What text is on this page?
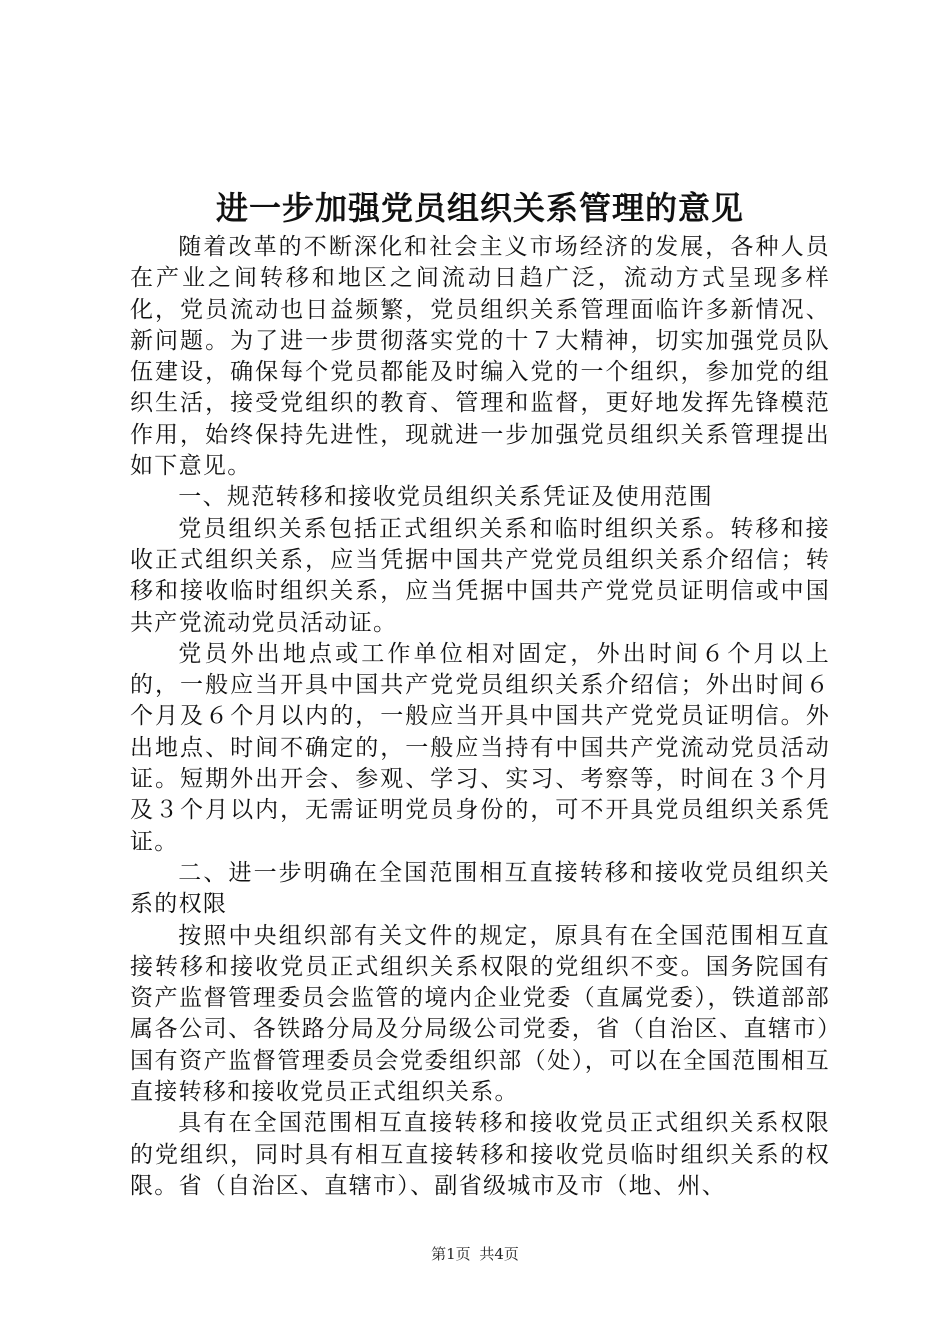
进一步加强党员组织关系管理的意见

随着改革的不断深化和社会主义市场经济的发展，各种人员在产业之间转移和地区之间流动日趋广泛，流动方式呈现多样化，党员流动也日益频繁，党员组织关系管理面临许多新情况、新问题。为了进一步贯彻落实党的十７大精神，切实加强党员队伍建设，确保每个党员都能及时编入党的一个组织，参加党的组织生活，接受党组织的教育、管理和监督，更好地发挥先锋模范作用，始终保持先进性，现就进一步加强党员组织关系管理提出如下意见。

一、规范转移和接收党员组织关系凭证及使用范围

党员组织关系包括正式组织关系和临时组织关系。转移和接收正式组织关系，应当凭据中国共产党党员组织关系介绍信；转移和接收临时组织关系，应当凭据中国共产党党员证明信或中国共产党流动党员活动证。

党员外出地点或工作单位相对固定，外出时间６个月以上的，一般应当开具中国共产党党员组织关系介绍信；外出时间６个月及６个月以内的，一般应当开具中国共产党党员证明信。外出地点、时间不确定的，一般应当持有中国共产党流动党员活动证。短期外出开会、参观、学习、实习、考察等，时间在３个月及３个月以内，无需证明党员身份的，可不开具党员组织关系凭证。

二、进一步明确在全国范围相互直接转移和接收党员组织关系的权限

按照中央组织部有关文件的规定，原具有在全国范围相互直接转移和接收党员正式组织关系权限的党组织不变。国务院国有资产监督管理委员会监管的境内企业党委（直属党委），铁道部部属各公司、各铁路分局及分局级公司党委，省（自治区、直辖市）国有资产监督管理委员会党委组织部（处），可以在全国范围相互直接转移和接收党员正式组织关系。

具有在全国范围相互直接转移和接收党员正式组织关系权限的党组织，同时具有相互直接转移和接收党员临时组织关系的权限。省（自治区、直辖市）、副省级城市及市（地、州、

第1页 共4页
